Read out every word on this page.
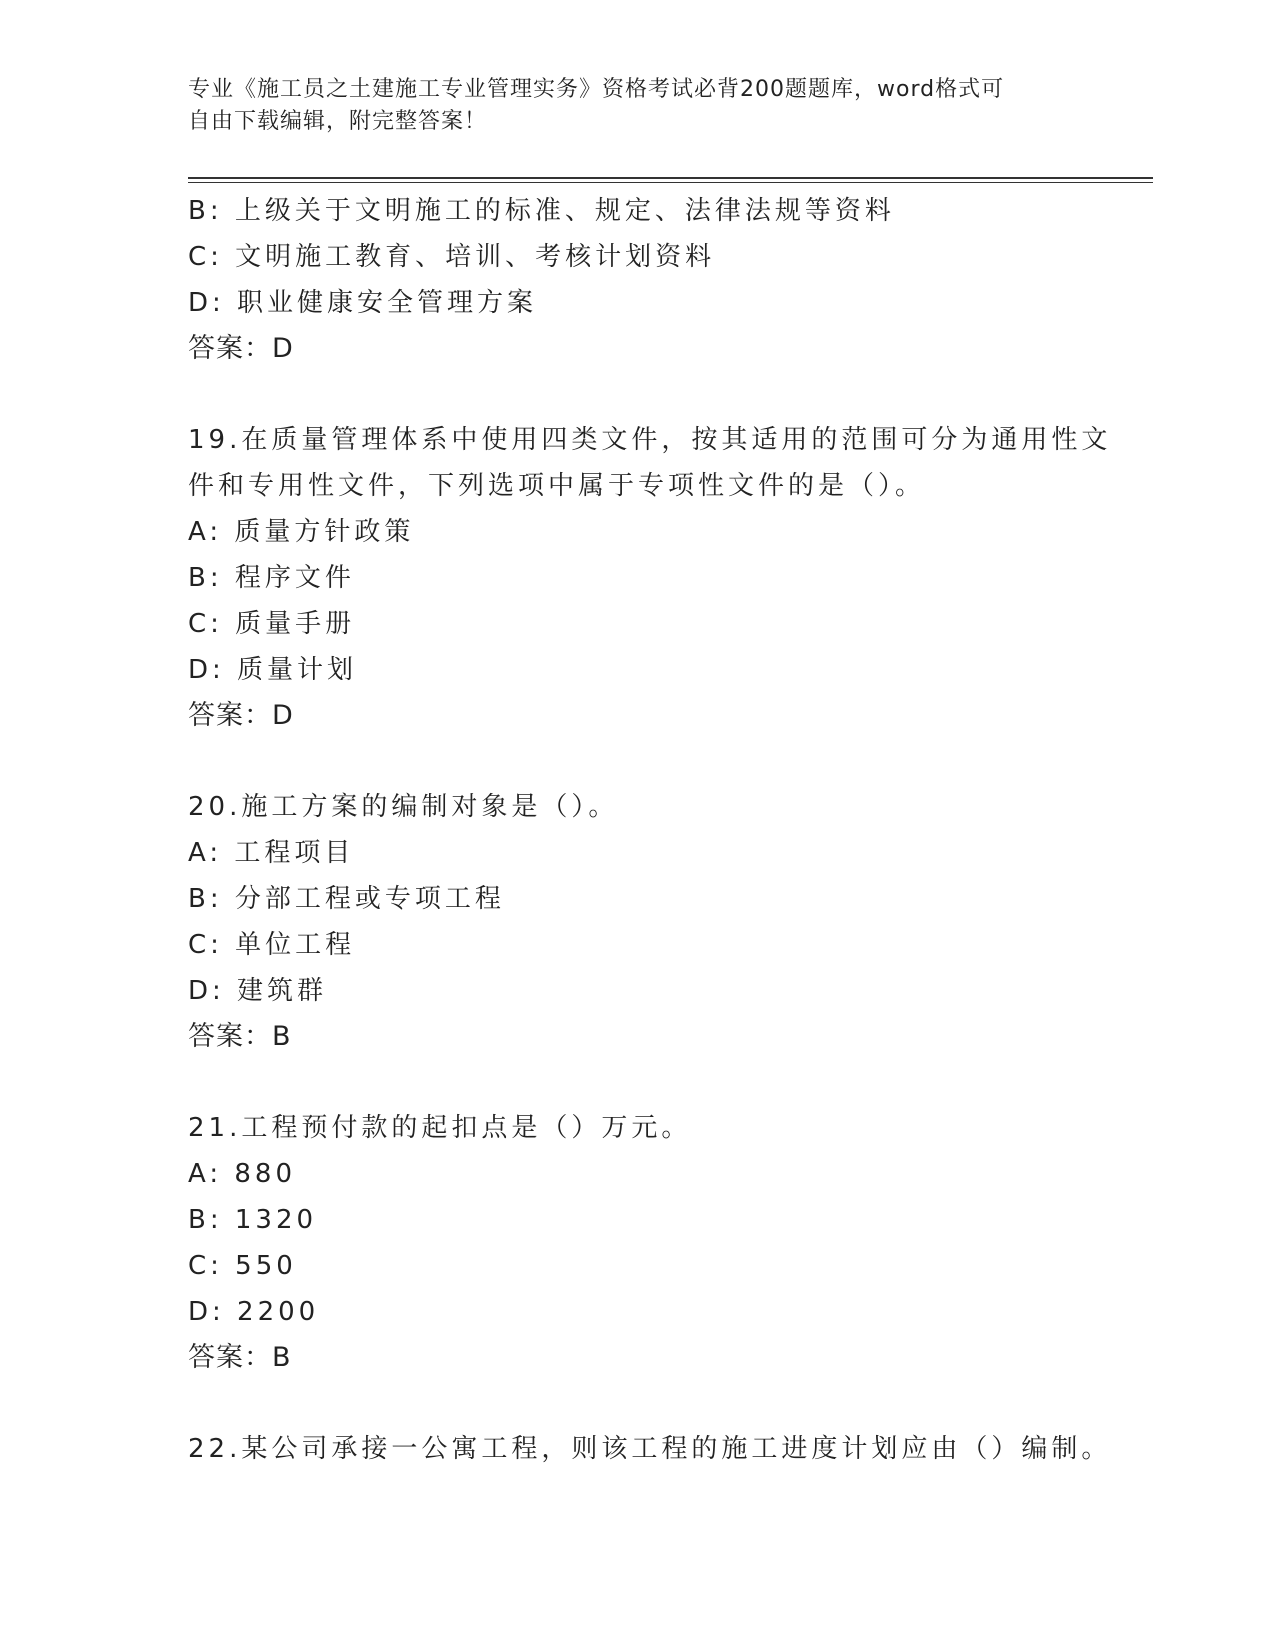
专业《施工员之土建施工专业管理实务》资格考试必背200题题库，word格式可
自由下载编辑，附完整答案！
B: 上级关于文明施工的标准、规定、法律法规等资料
C: 文明施工教育、培训、考核计划资料
D: 职业健康安全管理方案
答案：D
19.在质量管理体系中使用四类文件，按其适用的范围可分为通用性文
件和专用性文件，下列选项中属于专项性文件的是（）。
A: 质量方针政策
B: 程序文件
C: 质量手册
D: 质量计划
答案：D
20.施工方案的编制对象是（）。
A: 工程项目
B: 分部工程或专项工程
C: 单位工程
D: 建筑群
答案：B
21.工程预付款的起扣点是（）万元。
A: 880
B: 1320
C: 550
D: 2200
答案：B
22.某公司承接一公寓工程，则该工程的施工进度计划应由（）编制。
